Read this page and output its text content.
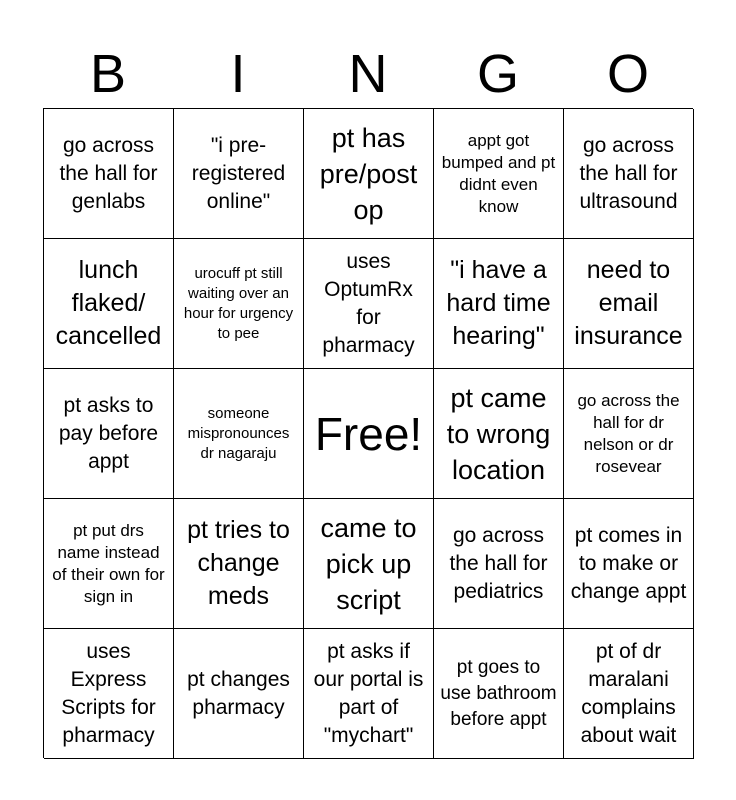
B	I	N	G	O
go across the hall for genlabs
"i pre-registered online"
pt has pre/post op
appt got bumped and pt didnt even know
go across the hall for ultrasound
lunch flaked/ cancelled
urocuff pt still waiting over an hour for urgency to pee
uses OptumRx for pharmacy
"i have a hard time hearing"
need to email insurance
pt asks to pay before appt
someone mispronounces dr nagaraju Free!
pt came to wrong location
go across the hall for dr nelson or dr rosevear
pt put drs name instead of their own for sign in
pt tries to change meds
came to pick up script
go across the hall for pediatrics
pt comes in to make or change appt
uses Express Scripts for pharmacy
pt changes pharmacy
pt asks if our portal is part of "mychart"
pt goes to use bathroom before appt
pt of dr maralani complains about wait
